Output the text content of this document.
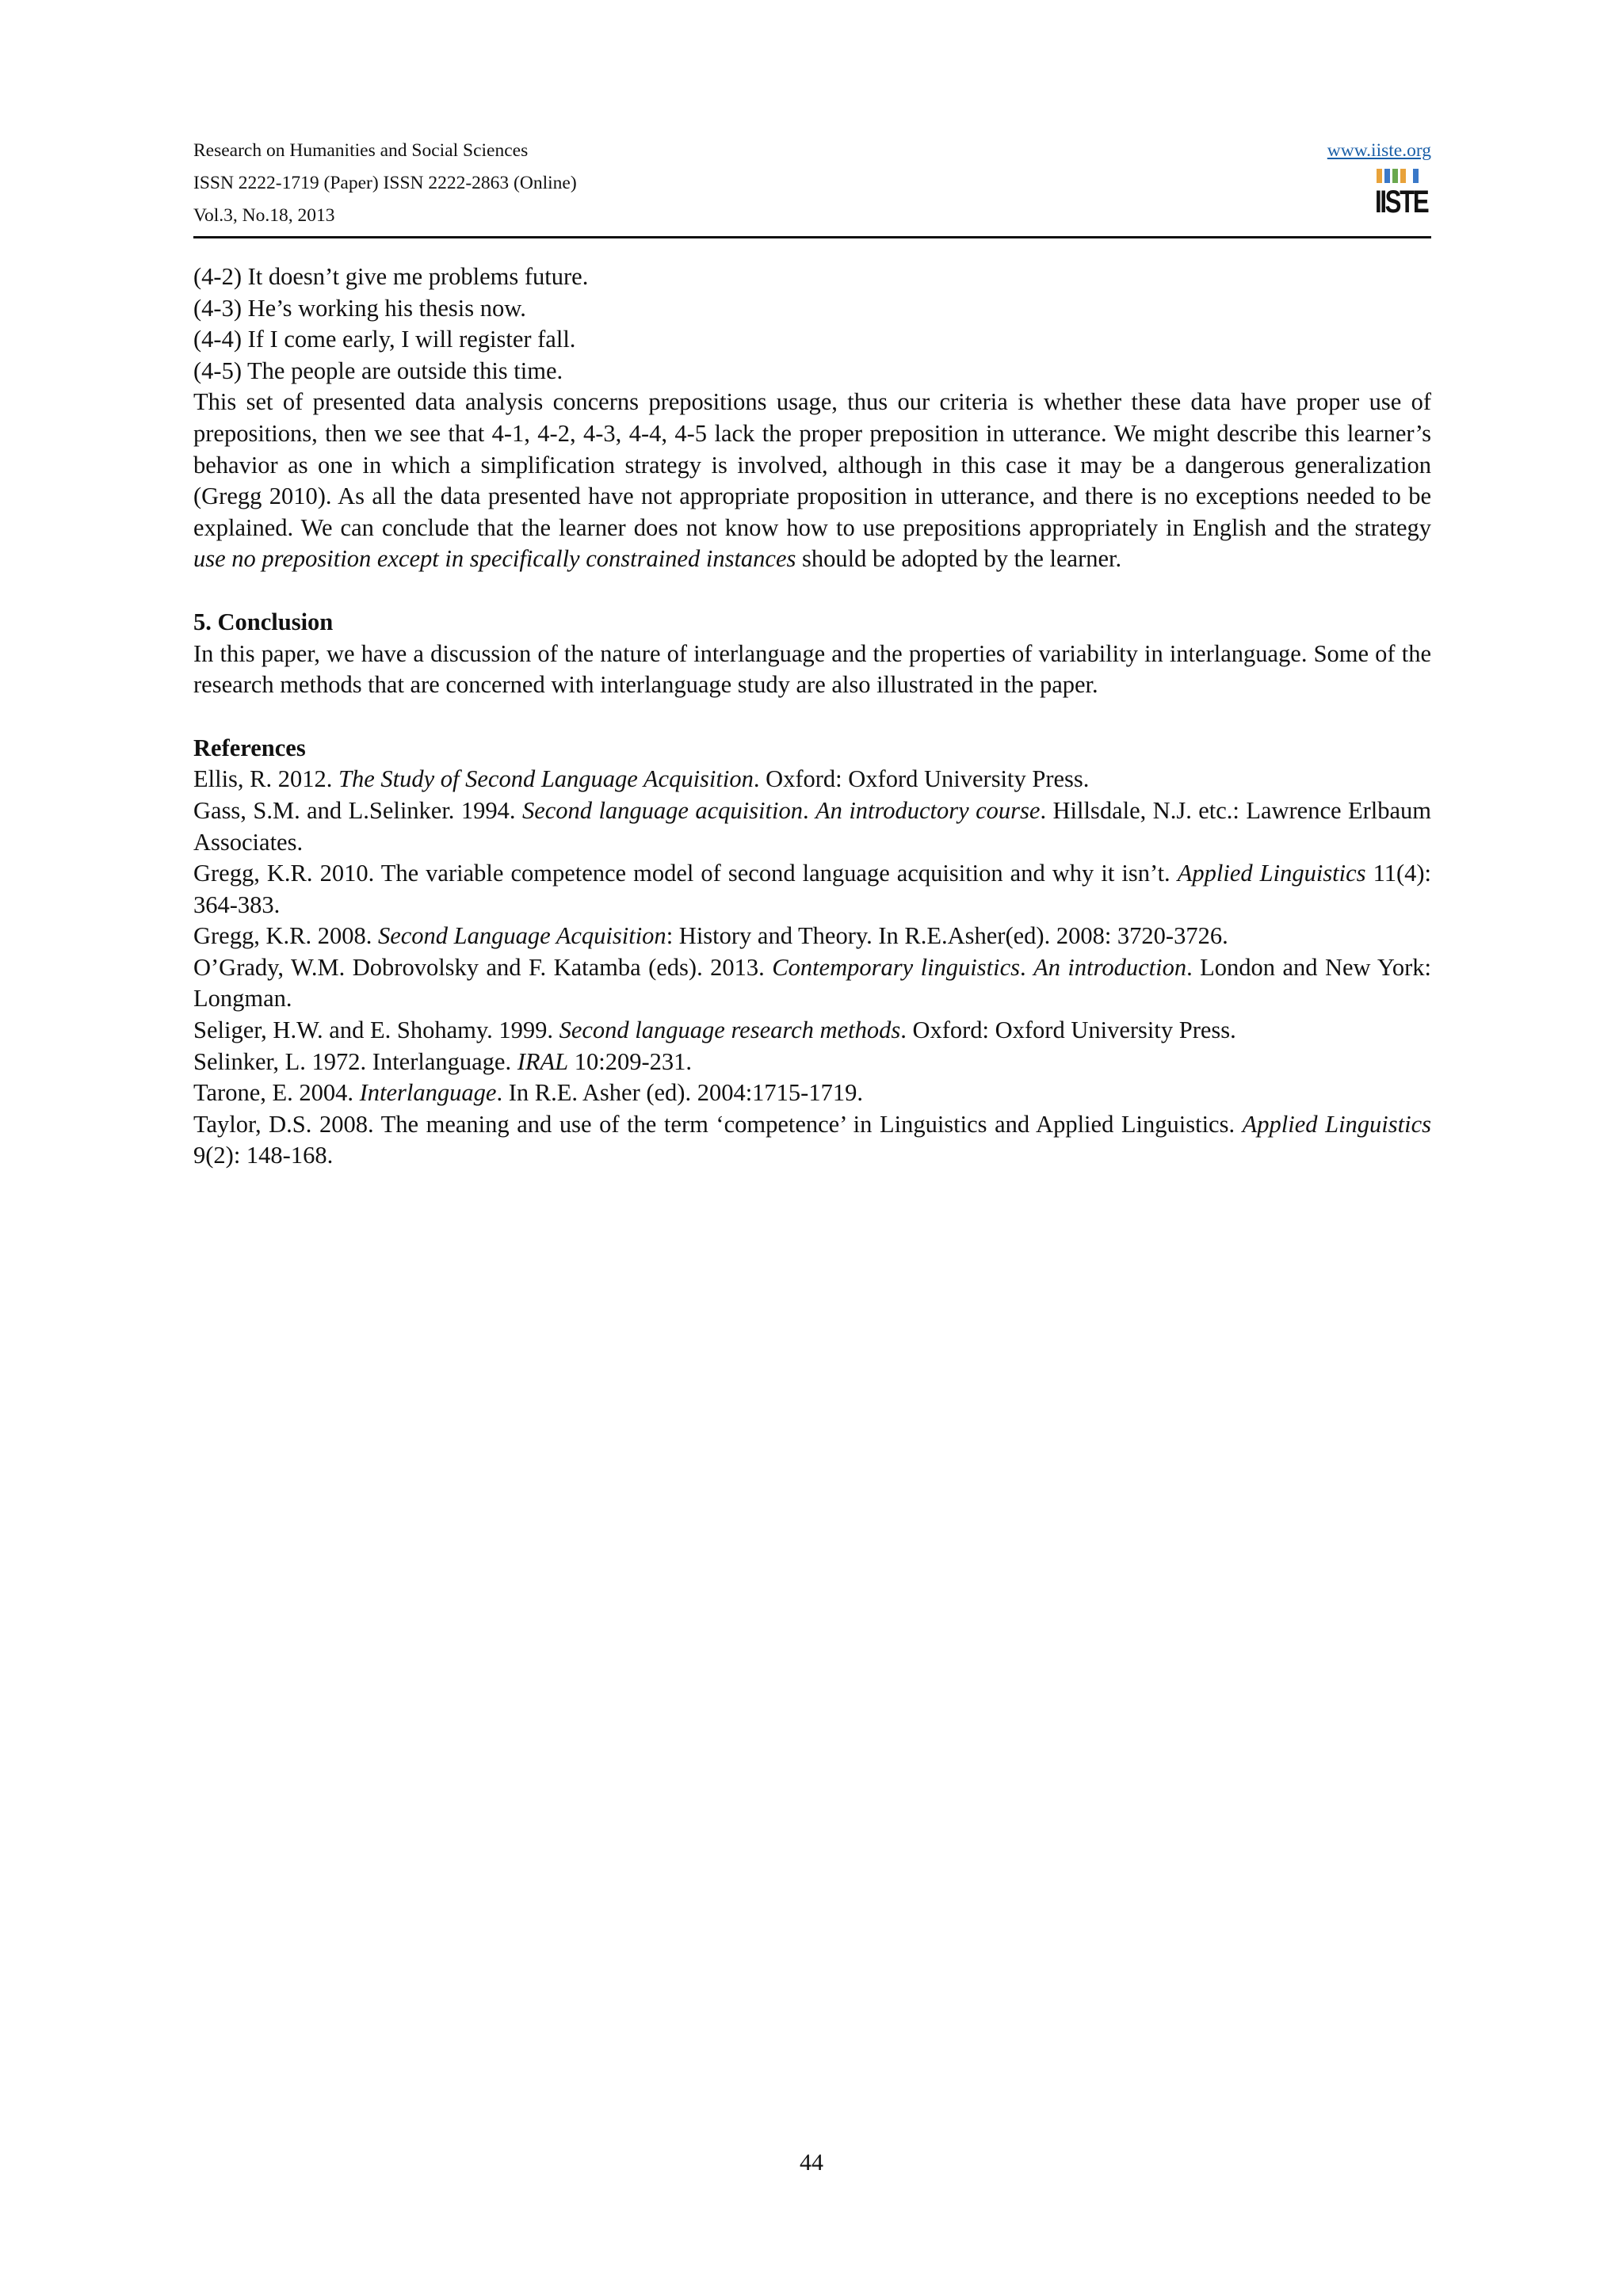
Research on Humanities and Social Sciences
ISSN 2222-1719 (Paper) ISSN 2222-2863 (Online)
Vol.3, No.18, 2013
www.iiste.org
IISTE

(4-2) It doesn’t give me problems future.

(4-3) He’s working his thesis now.

(4-4) If I come early, I will register fall.

(4-5) The people are outside this time.

This set of presented data analysis concerns prepositions usage, thus our criteria is whether these data have proper use of prepositions, then we see that 4-1, 4-2, 4-3, 4-4, 4-5 lack the proper preposition in utterance. We might describe this learner’s behavior as one in which a simplification strategy is involved, although in this case it may be a dangerous generalization (Gregg 2010). As all the data presented have not appropriate proposition in utterance, and there is no exceptions needed to be explained. We can conclude that the learner does not know how to use prepositions appropriately in English and the strategy use no preposition except in specifically constrained instances should be adopted by the learner.

5. Conclusion

In this paper, we have a discussion of the nature of interlanguage and the properties of variability in interlanguage. Some of the research methods that are concerned with interlanguage study are also illustrated in the paper.

References

Ellis, R. 2012. The Study of Second Language Acquisition. Oxford: Oxford University Press.

Gass, S.M. and L.Selinker. 1994. Second language acquisition. An introductory course. Hillsdale, N.J. etc.: Lawrence Erlbaum Associates.

Gregg, K.R. 2010. The variable competence model of second language acquisition and why it isn’t. Applied Linguistics 11(4): 364-383.

Gregg, K.R. 2008. Second Language Acquisition: History and Theory. In R.E.Asher(ed). 2008: 3720-3726.

O’Grady, W.M. Dobrovolsky and F. Katamba (eds). 2013. Contemporary linguistics. An introduction. London and New York: Longman.

Seliger, H.W. and E. Shohamy. 1999. Second language research methods. Oxford: Oxford University Press.

Selinker, L. 1972. Interlanguage. IRAL 10:209-231.

Tarone, E. 2004. Interlanguage. In R.E. Asher (ed). 2004:1715-1719.

Taylor, D.S. 2008. The meaning and use of the term ‘competence’ in Linguistics and Applied Linguistics. Applied Linguistics 9(2): 148-168.

44
